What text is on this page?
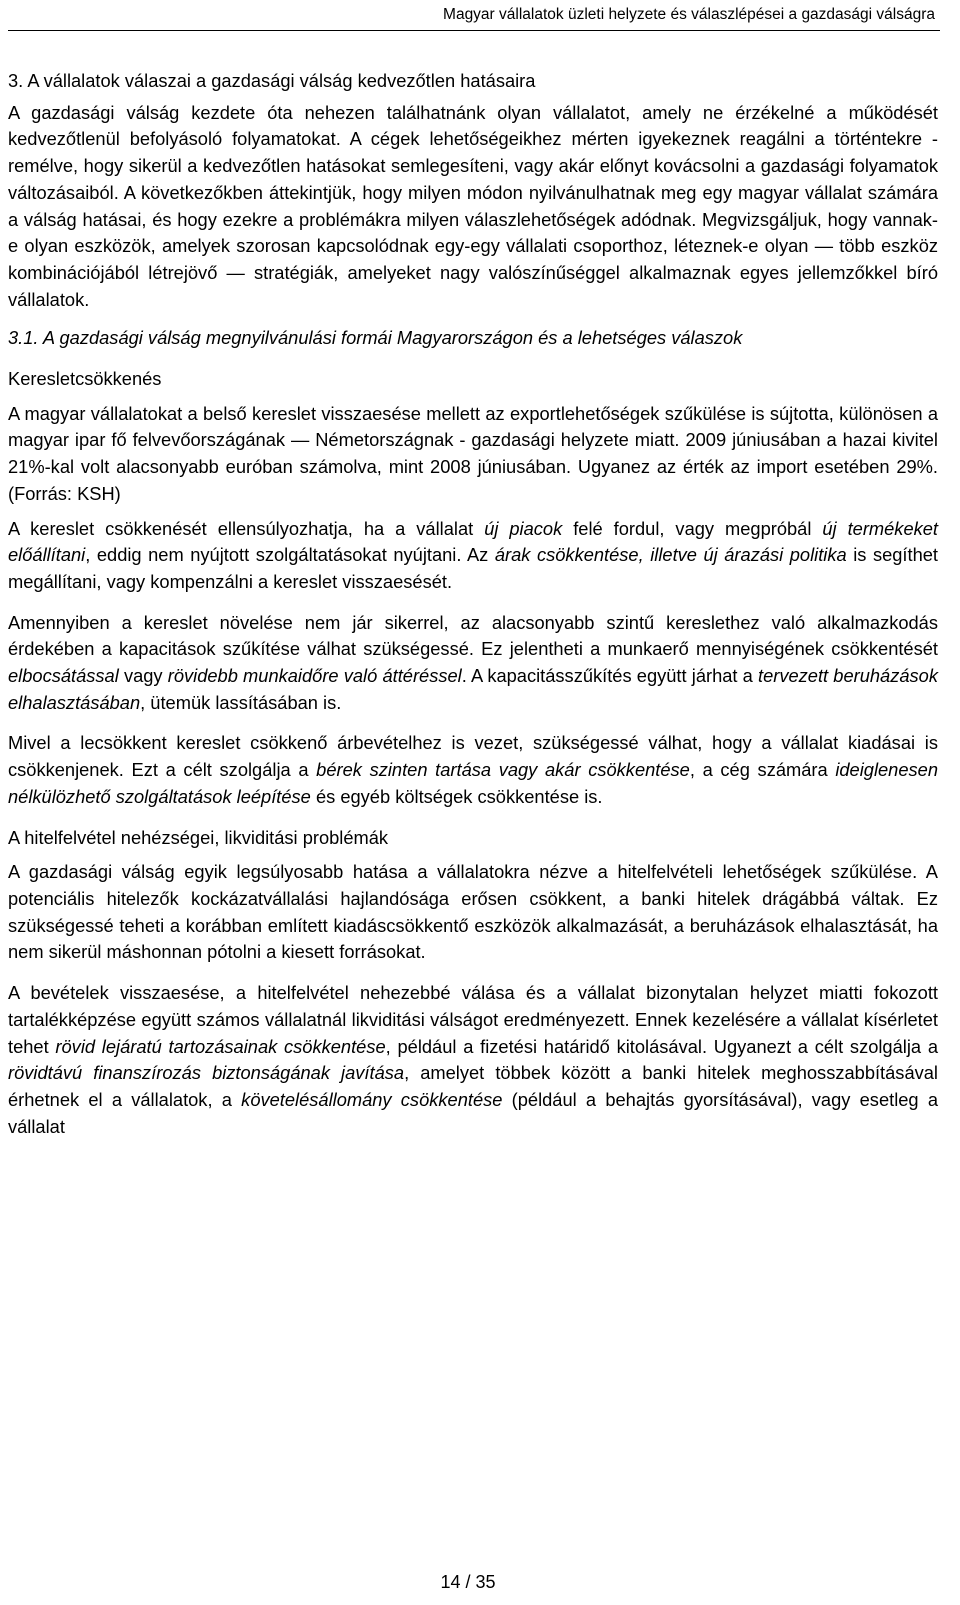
Magyar vállalatok üzleti helyzete és válaszlépései a gazdasági válságra
3. A vállalatok válaszai a gazdasági válság kedvezőtlen hatásaira

A gazdasági válság kezdete óta nehezen találhatnánk olyan vállalatot, amely ne érzékelné a működését kedvezőtlenül befolyásoló folyamatokat. A cégek lehetőségeikhez mérten igyekeznek reagálni a történtekre - remélve, hogy sikerül a kedvezőtlen hatásokat semlegesíteni, vagy akár előnyt kovácsolni a gazdasági folyamatok változásaiból. A következőkben áttekintjük, hogy milyen módon nyilvánulhatnak meg egy magyar vállalat számára a válság hatásai, és hogy ezekre a problémákra milyen válaszlehetőségek adódnak. Megvizsgáljuk, hogy vannak-e olyan eszközök, amelyek szorosan kapcsolódnak egy-egy vállalati csoporthoz, léteznek-e olyan ― több eszköz kombinációjából létrejövő ― stratégiák, amelyeket nagy valószínűséggel alkalmaznak egyes jellemzőkkel bíró vállalatok.

3.1. A gazdasági válság megnyilvánulási formái Magyarországon és a lehetséges válaszok
Keresletcsökkenés

A magyar vállalatokat a belső kereslet visszaesése mellett az exportlehetőségek szűkülése is sújtotta, különösen a magyar ipar fő felvevőországának ― Németországnak - gazdasági helyzete miatt. 2009 júniusában a hazai kivitel 21%-kal volt alacsonyabb euróban számolva, mint 2008 júniusában. Ugyanez az érték az import esetében 29%. (Forrás: KSH)

A kereslet csökkenését ellensúlyozhatja, ha a vállalat új piacok felé fordul, vagy megpróbál új termékeket előállítani, eddig nem nyújtott szolgáltatásokat nyújtani. Az árak csökkentése, illetve új árazási politika is segíthet megállítani, vagy kompenzálni a kereslet visszaesését.

Amennyiben a kereslet növelése nem jár sikerrel, az alacsonyabb szintű kereslethez való alkalmazkodás érdekében a kapacitások szűkítése válhat szükségessé. Ez jelentheti a munkaerő mennyiségének csökkentését elbocsátással vagy rövidebb munkaidőre való áttéréssel. A kapacitásszűkítés együtt járhat a tervezett beruházások elhalasztásában, ütemük lassításában is.

Mivel a lecsökkent kereslet csökkenő árbevételhez is vezet, szükségessé válhat, hogy a vállalat kiadásai is csökkenjenek. Ezt a célt szolgálja a bérek szinten tartása vagy akár csökkentése, a cég számára ideiglenesen nélkülözhető szolgáltatások leépítése és egyéb költségek csökkentése is.

A hitelfelvétel nehézségei, likviditási problémák

A gazdasági válság egyik legsúlyosabb hatása a vállalatokra nézve a hitelfelvételi lehetőségek szűkülése. A potenciális hitelezők kockázatvállalási hajlandósága erősen csökkent, a banki hitelek drágábbá váltak. Ez szükségessé teheti a korábban említett kiadáscsökkentő eszközök alkalmazását, a beruházások elhalasztását, ha nem sikerül máshonnan pótolni a kiesett forrásokat.

A bevételek visszaesése, a hitelfelvétel nehezebbé válása és a vállalat bizonytalan helyzet miatti fokozott tartalékképzése együtt számos vállalatnál likviditási válságot eredményezett. Ennek kezelésére a vállalat kísérletet tehet rövid lejáratú tartozásainak csökkentése, például a fizetési határidő kitolásával. Ugyanezt a célt szolgálja a rövidtávú finanszírozás biztonságának javítása, amelyet többek között a banki hitelek meghosszabbításával érhetnek el a vállalatok, a követelésállomány csökkentése (például a behajtás gyorsításával), vagy esetleg a vállalat

14 / 35
